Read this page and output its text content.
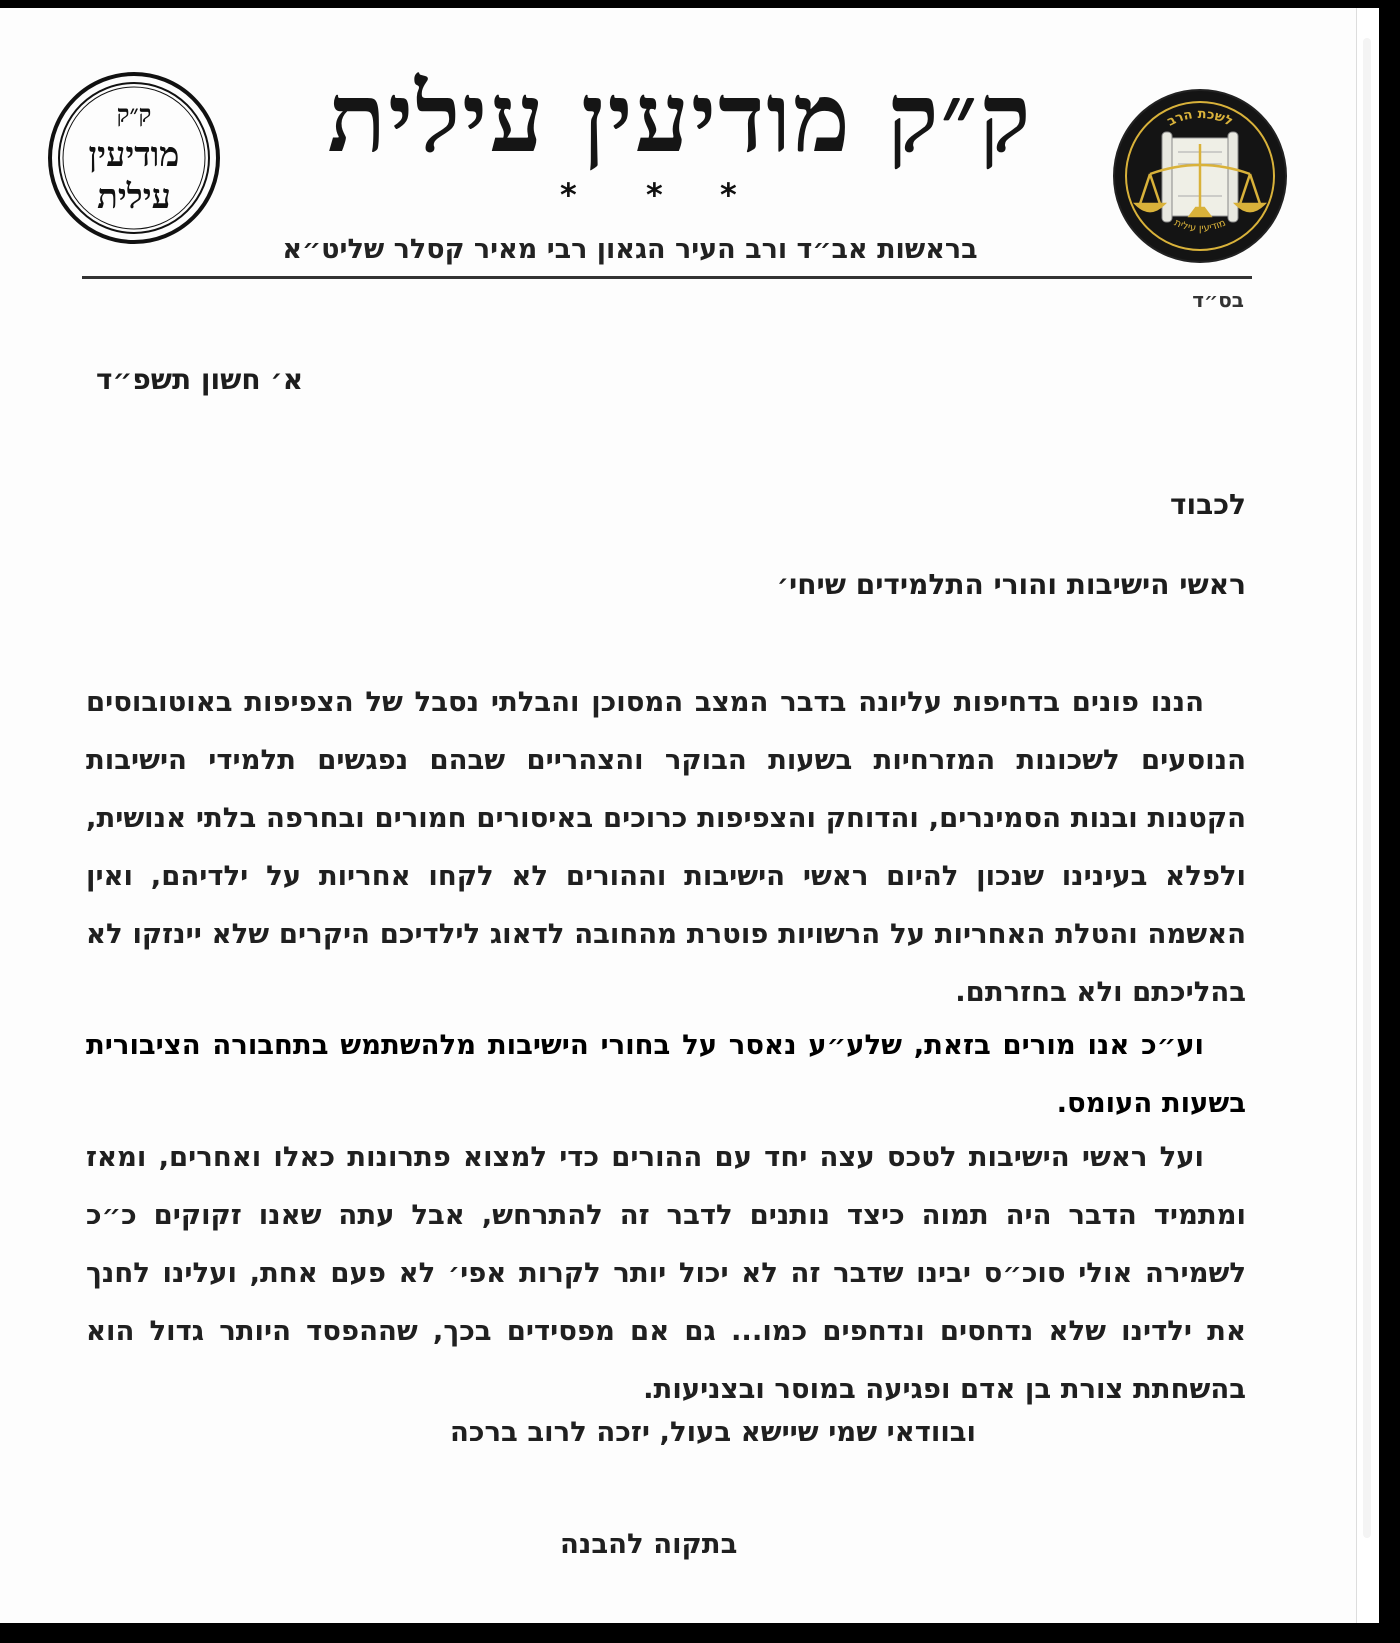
ק״ק
מודיעין
עילית
לשכת הרב
מודיעין עילית
ק״ק מודיעין עילית
* * *
בראשות אב״ד ורב העיר הגאון רבי מאיר קסלר שליט״א
בס״ד
א׳ חשון תשפ״ד
לכבוד
ראשי הישיבות והורי התלמידים שיחי׳
הננו פונים בדחיפות עליונה בדבר המצב המסוכן והבלתי נסבל של הצפיפות באוטובוסים הנוסעים לשכונות המזרחיות בשעות הבוקר והצהריים שבהם נפגשים תלמידי הישיבות הקטנות ובנות הסמינרים, והדוחק והצפיפות כרוכים באיסורים חמורים ובחרפה בלתי אנושית, ולפלא בעינינו שנכון להיום ראשי הישיבות וההורים לא לקחו אחריות על ילדיהם, ואין האשמה והטלת האחריות על הרשויות פוטרת מהחובה לדאוג לילדיכם היקרים שלא יינזקו לא בהליכתם ולא בחזרתם.
וע״כ אנו מורים בזאת, שלע״ע נאסר על בחורי הישיבות מלהשתמש בתחבורה הציבורית בשעות העומס.
ועל ראשי הישיבות לטכס עצה יחד עם ההורים כדי למצוא פתרונות כאלו ואחרים, ומאז ומתמיד הדבר היה תמוה כיצד נותנים לדבר זה להתרחש, אבל עתה שאנו זקוקים כ״כ לשמירה אולי סוכ״ס יבינו שדבר זה לא יכול יותר לקרות אפי׳ לא פעם אחת, ועלינו לחנך את ילדינו שלא נדחסים ונדחפים כמו... גם אם מפסידים בכך, שההפסד היותר גדול הוא בהשחתת צורת בן אדם ופגיעה במוסר ובצניעות.
ובוודאי שמי שיישא בעול, יזכה לרוב ברכה
בתקוה להבנה
